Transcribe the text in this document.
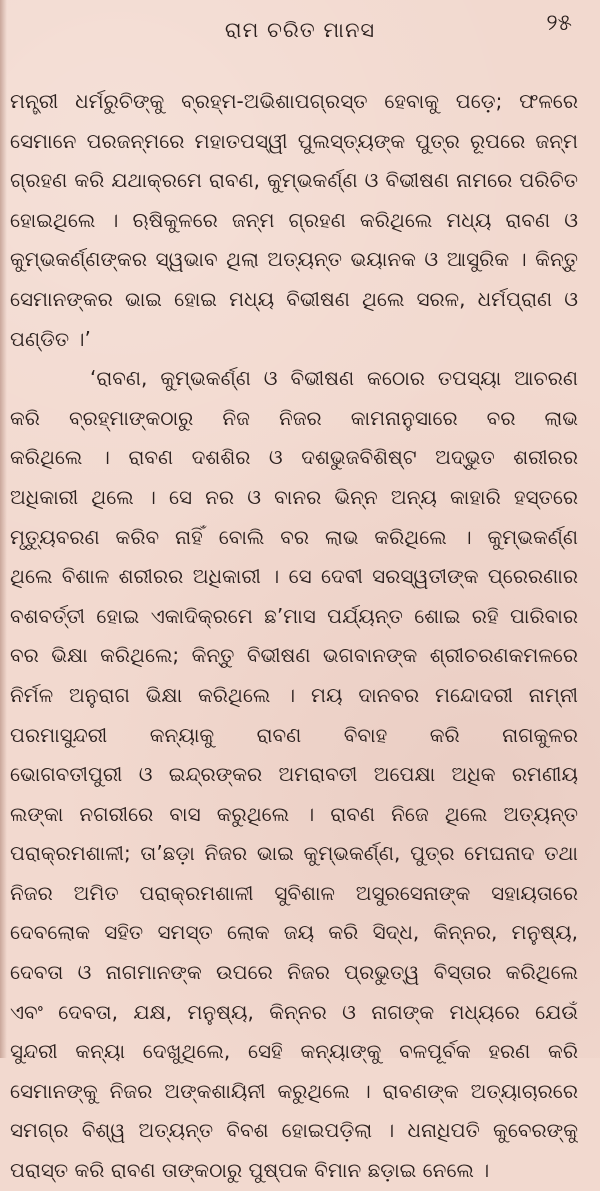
ରାମ ଚରିତ ମାନସ	୨୫
ମନ୍ତ୍ରୀ ଧର୍ମରୁଚିଙ୍କୁ ବ୍ରହ୍ମ-ଅଭିଶାପଗ୍ରସ୍ତ ହେବାକୁ ପଡ଼େ; ଫଳରେ
ସେମାନେ ପରଜନ୍ମରେ ମହାତପସ୍ୱୀ ପୁଲସ୍ତ୍ୟଙ୍କ ପୁତ୍ର ରୂପରେ ଜନ୍ମ
ଗ୍ରହଣ କରି ଯଥାକ୍ରମେ ରାବଣ, କୁମ୍ଭକର୍ଣ୍ଣ ଓ ବିଭୀଷଣ ନାମରେ ପରିଚିତ
ହୋଇଥିଲେ । ଋଷିକୁଳରେ ଜନ୍ମ ଗ୍ରହଣ କରିଥିଲେ ମଧ୍ୟ ରାବଣ ଓ
କୁମ୍ଭକର୍ଣ୍ଣଙ୍କର ସ୍ୱଭାବ ଥିଲା ଅତ୍ୟନ୍ତ ଭୟାନକ ଓ ଆସୁରିକ । କିନ୍ତୁ
ସେମାନଙ୍କର ଭାଇ ହୋଇ ମଧ୍ୟ ବିଭୀଷଣ ଥିଲେ ସରଳ, ଧର୍ମପ୍ରାଣ ଓ
ପଣ୍ଡିତ ।’
‘ରାବଣ, କୁମ୍ଭକର୍ଣ୍ଣ ଓ ବିଭୀଷଣ କଠୋର ତପସ୍ୟା ଆଚରଣ
କରି ବ୍ରହ୍ମାଙ୍କଠାରୁ ନିଜ ନିଜର କାମନାନୁସାରେ ବର ଲାଭ
କରିଥିଲେ । ରାବଣ ଦଶଶିର ଓ ଦଶଭୁଜବିଶିଷ୍ଟ ଅଦ୍ଭୁତ ଶରୀରର
ଅଧିକାରୀ ଥିଲେ । ସେ ନର ଓ ବାନର ଭିନ୍ନ ଅନ୍ୟ କାହାରି ହସ୍ତରେ
ମୃତ୍ୟୁବରଣ କରିବ ନାହିଁ ବୋଲି ବର ଲାଭ କରିଥିଲେ । କୁମ୍ଭକର୍ଣ୍ଣ
ଥିଲେ ବିଶାଳ ଶରୀରର ଅଧିକାରୀ । ସେ ଦେବୀ ସରସ୍ୱତୀଙ୍କ ପ୍ରେରଣାର
ବଶବର୍ତ୍ତୀ ହୋଇ ଏକାଦିକ୍ରମେ ଛ’ମାସ ପର୍ଯ୍ୟନ୍ତ ଶୋଇ ରହି ପାରିବାର
ବର ଭିକ୍ଷା କରିଥିଲେ; କିନ୍ତୁ ବିଭୀଷଣ ଭଗବାନଙ୍କ ଶ୍ରୀଚରଣକମଳରେ
ନିର୍ମଳ ଅନୁରାଗ ଭିକ୍ଷା କରିଥିଲେ । ମୟ ଦାନବର ମନ୍ଦୋଦରୀ ନାମ୍ନୀ
ପରମାସୁନ୍ଦରୀ କନ୍ୟାକୁ ରାବଣ ବିବାହ କରି ନାଗକୁଳର
ଭୋଗବତୀପୁରୀ ଓ ଇନ୍ଦ୍ରଙ୍କର ଅମରାବତୀ ଅପେକ୍ଷା ଅଧିକ ରମଣୀୟ
ଲଙ୍କା ନଗରୀରେ ବାସ କରୁଥିଲେ । ରାବଣ ନିଜେ ଥିଲେ ଅତ୍ୟନ୍ତ
ପରାକ୍ରମଶାଳୀ; ତା’ଛଡ଼ା ନିଜର ଭାଇ କୁମ୍ଭକର୍ଣ୍ଣ, ପୁତ୍ର ମେଘନାଦ ତଥା
ନିଜର ଅମିତ ପରାକ୍ରମଶାଳୀ ସୁବିଶାଳ ଅସୁରସେନାଙ୍କ ସହାୟତାରେ
ଦେବଲୋକ ସହିତ ସମସ୍ତ ଲୋକ ଜୟ କରି ସିଦ୍ଧ, କିନ୍ନର, ମନୁଷ୍ୟ,
ଦେବତା ଓ ନାଗମାନଙ୍କ ଉପରେ ନିଜର ପ୍ରଭୁତ୍ୱ ବିସ୍ତାର କରିଥିଲେ
ଏବଂ ଦେବତା, ଯକ୍ଷ, ମନୁଷ୍ୟ, କିନ୍ନର ଓ ନାଗଙ୍କ ମଧ୍ୟରେ ଯେଉଁ
ସୁନ୍ଦରୀ କନ୍ୟା ଦେଖୁଥିଲେ, ସେହି କନ୍ୟାଙ୍କୁ ବଳପୂର୍ବକ ହରଣ କରି
ସେମାନଙ୍କୁ ନିଜର ଅଙ୍କଶାୟିନୀ କରୁଥିଲେ । ରାବଣଙ୍କ ଅତ୍ୟାଚାରରେ
ସମଗ୍ର ବିଶ୍ୱ ଅତ୍ୟନ୍ତ ବିବଶ ହୋଇପଡ଼ିଲା । ଧନାଧିପତି କୁବେରଙ୍କୁ
ପରାସ୍ତ କରି ରାବଣ ତାଙ୍କଠାରୁ ପୁଷ୍ପକ ବିମାନ ଛଡ଼ାଇ ନେଲେ ।
